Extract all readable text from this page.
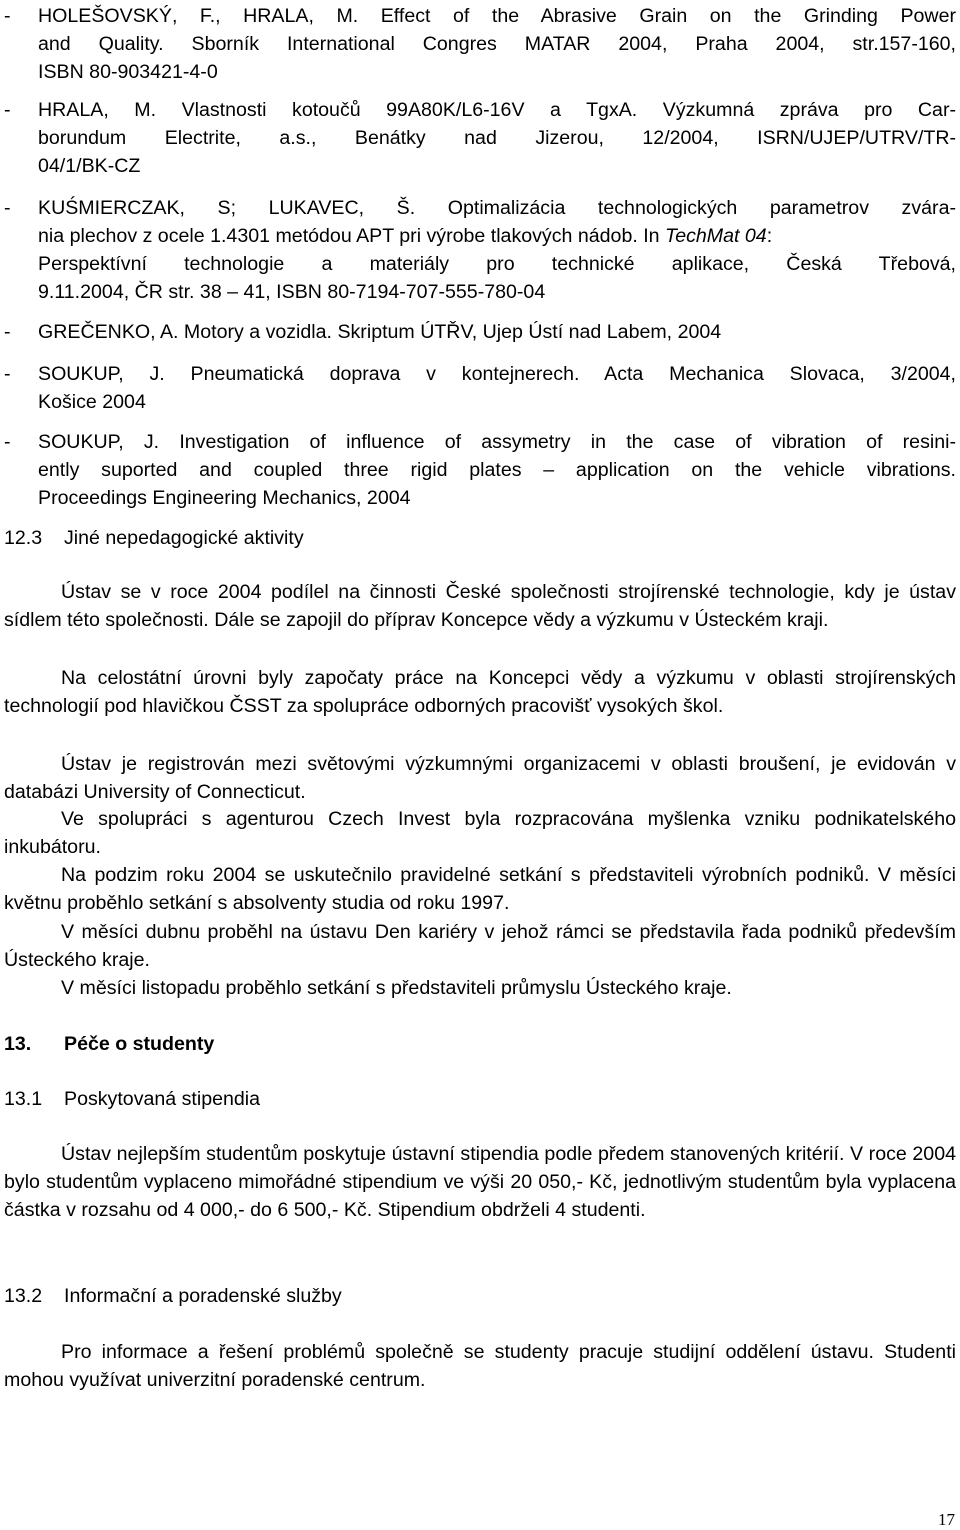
- HOLEŠOVSKÝ, F., HRALA, M. Effect of the Abrasive Grain on the Grinding Power
and Quality. Sborník International Congres MATAR 2004, Praha 2004, str.157-160,
ISBN 80-903421-4-0
- HRALA, M. Vlastnosti kotoučů 99A80K/L6-16V a TgxA. Výzkumná zpráva pro Car-
borundum Electrite, a.s., Benátky nad Jizerou, 12/2004, ISRN/UJEP/UTRV/TR-
04/1/BK-CZ
- KUŚMIERCZAK, S; LUKAVEC, Š. Optimalizácia technologických parametrov zvára-
nia plechov z ocele 1.4301 metódou APT pri výrobe tlakových nádob. In TechMat 04:
Perspektívní technologie a materiály pro technické aplikace, Česká Třebová,
9.11.2004, ČR str. 38 – 41, ISBN 80-7194-707-555-780-04
- GREČENKO, A. Motory a vozidla. Skriptum ÚTŘV, Ujep Ústí nad Labem, 2004
- SOUKUP, J. Pneumatická doprava v kontejnerech. Acta Mechanica Slovaca, 3/2004,
Košice 2004
- SOUKUP, J. Investigation of influence of assymetry in the case of vibration of resini-
ently suported and coupled three rigid plates – application on the vehicle vibrations.
Proceedings Engineering Mechanics, 2004
12.3 Jiné nepedagogické aktivity
Ústav se v roce 2004 podílel na činnosti České společnosti strojírenské technologie, kdy je ústav sídlem této společnosti. Dále se zapojil do příprav Koncepce vědy a výzkumu v Ústeckém kraji.
Na celostátní úrovni byly započaty práce na Koncepci vědy a výzkumu v oblasti strojírenských technologií pod hlavičkou ČSST za spolupráce odborných pracovišť vysokých škol.
Ústav je registrován mezi světovými výzkumnými organizacemi v oblasti broušení, je evidován v databázi University of Connecticut.
Ve spolupráci s agenturou Czech Invest byla rozpracována myšlenka vzniku podnikatelského inkubátoru.
Na podzim roku 2004 se uskutečnilo pravidelné setkání s představiteli výrobních podniků. V měsíci květnu proběhlo setkání s absolventy studia od roku 1997.
V měsíci dubnu proběhl na ústavu Den kariéry v jehož rámci se představila řada podniků především Ústeckého kraje.
V měsíci listopadu proběhlo setkání s představiteli průmyslu Ústeckého kraje.
13. Péče o studenty
13.1 Poskytovaná stipendia
Ústav nejlepším studentům poskytuje ústavní stipendia podle předem stanovených kritérií. V roce 2004 bylo studentům vyplaceno mimořádné stipendium ve výši 20 050,- Kč, jednotlivým studentům byla vyplacena částka v rozsahu od 4 000,- do 6 500,- Kč. Stipendium obdrželi 4 studenti.
13.2 Informační a poradenské služby
Pro informace a řešení problémů společně se studenty pracuje studijní oddělení ústavu. Studenti mohou využívat univerzitní poradenské centrum.
17
